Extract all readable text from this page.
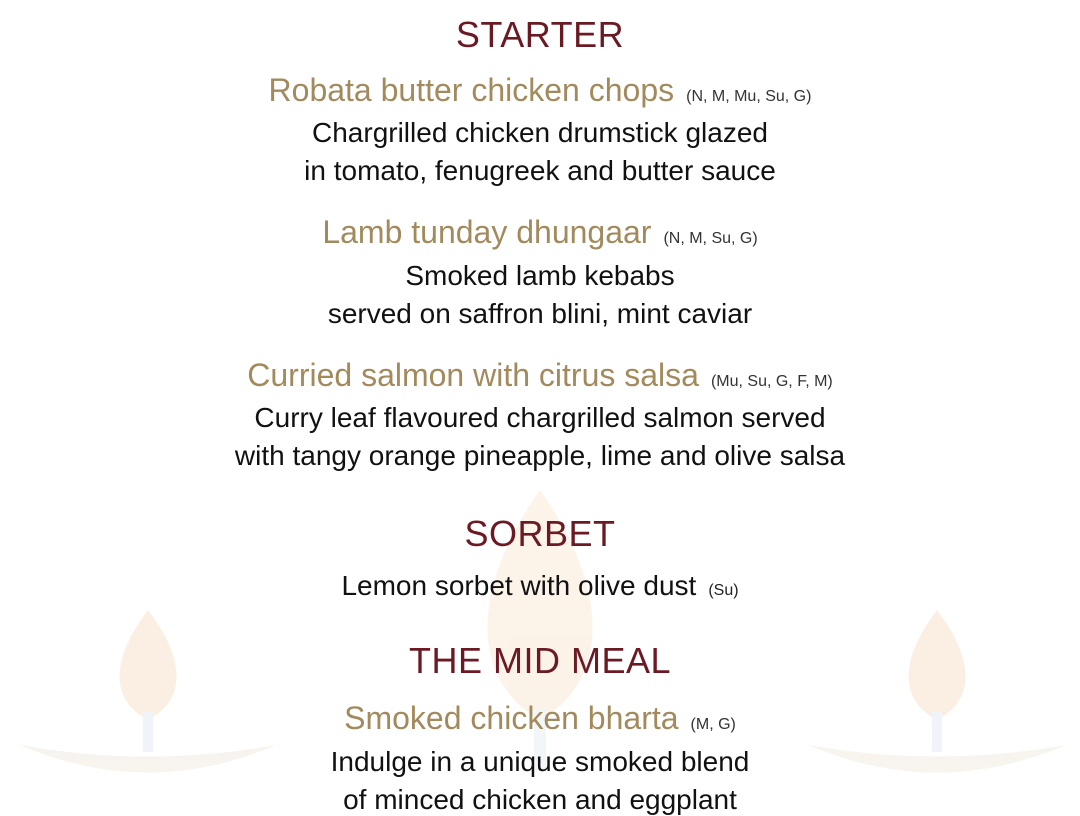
STARTER
Robata butter chicken chops (N, M, Mu, Su, G)
Chargrilled chicken drumstick glazed
in tomato, fenugreek and butter sauce
Lamb tunday dhungaar (N, M, Su, G)
Smoked lamb kebabs
served on saffron blini, mint caviar
Curried salmon with citrus salsa (Mu, Su, G, F, M)
Curry leaf flavoured chargrilled salmon served
with tangy orange pineapple, lime and olive salsa
SORBET
Lemon sorbet with olive dust (Su)
THE MID MEAL
Smoked chicken bharta (M, G)
Indulge in a unique smoked blend
of minced chicken and eggplant
